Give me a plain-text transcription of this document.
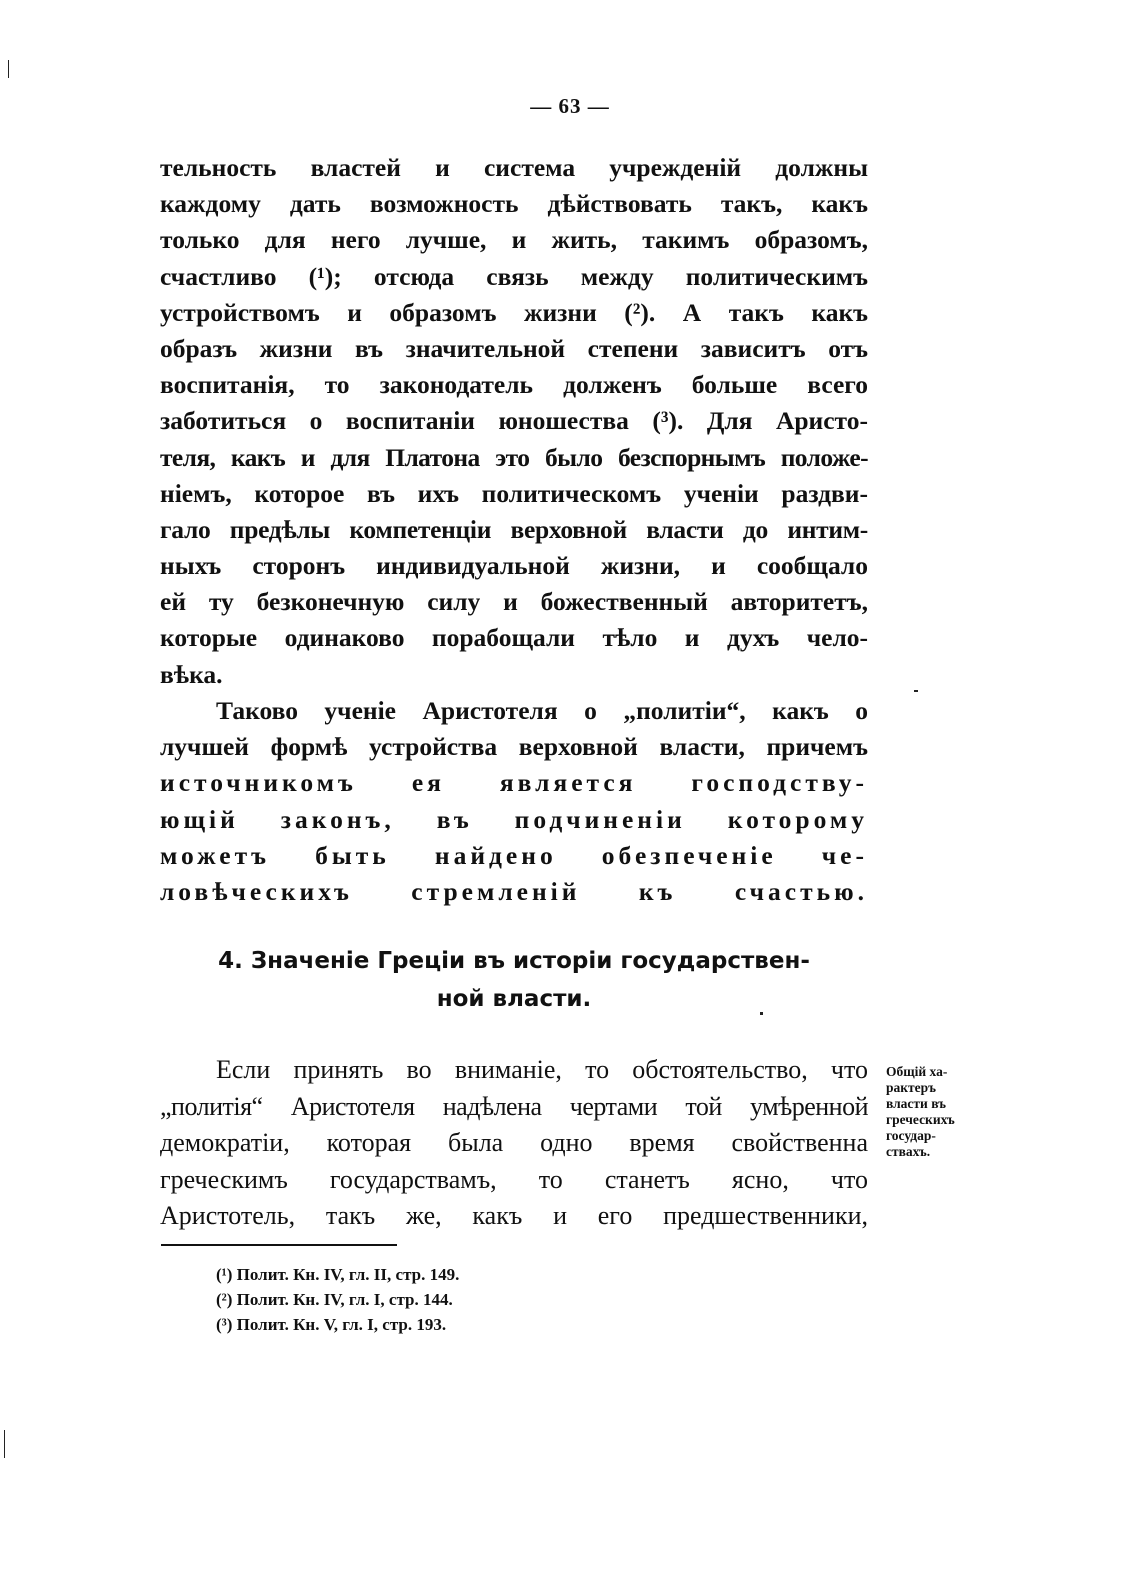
— 63 —
тельность властей и система учрежденій должны
каждому дать возможность дѣйствовать такъ, какъ
только для него лучше, и жить, такимъ образомъ,
счастливо (¹); отсюда связь между политическимъ
устройствомъ и образомъ жизни (²). А такъ какъ
образъ жизни въ значительной степени зависитъ отъ
воспитанія, то законодатель долженъ больше всего
заботиться о воспитаніи юношества (³). Для Аристо-
теля, какъ и для Платона это было безспорнымъ положе-
ніемъ, которое въ ихъ политическомъ ученіи раздви-
гало предѣлы компетенціи верховной власти до интим-
ныхъ сторонъ индивидуальной жизни, и сообщало
ей ту безконечную силу и божественный авторитетъ,
которые одинаково порабощали тѣло и духъ чело-
вѣка.
Таково ученіе Аристотеля о „политіи“, какъ о
лучшей формѣ устройства верховной власти, причемъ
источникомъ ея является господству-
ющій законъ, въ подчиненіи которому
можетъ быть найдено обезпеченіе че-
ловѣческихъ стремленій къ счастью.
4. Значеніе Греціи въ исторіи государствен-
ной власти.
Если принять во вниманіе, то обстоятельство, что
„политія“ Аристотеля надѣлена чертами той умѣренной
демократіи, которая была одно время свойственна
греческимъ государствамъ, то станетъ ясно, что
Аристотель, такъ же, какъ и его предшественники,
Общій ха-
рактеръ
власти въ
греческихъ
государ-
ствахъ.
(¹) Полит. Кн. IV, гл. II, стр. 149.
(²) Полит. Кн. IV, гл. I, стр. 144.
(³) Полит. Кн. V, гл. I, стр. 193.
